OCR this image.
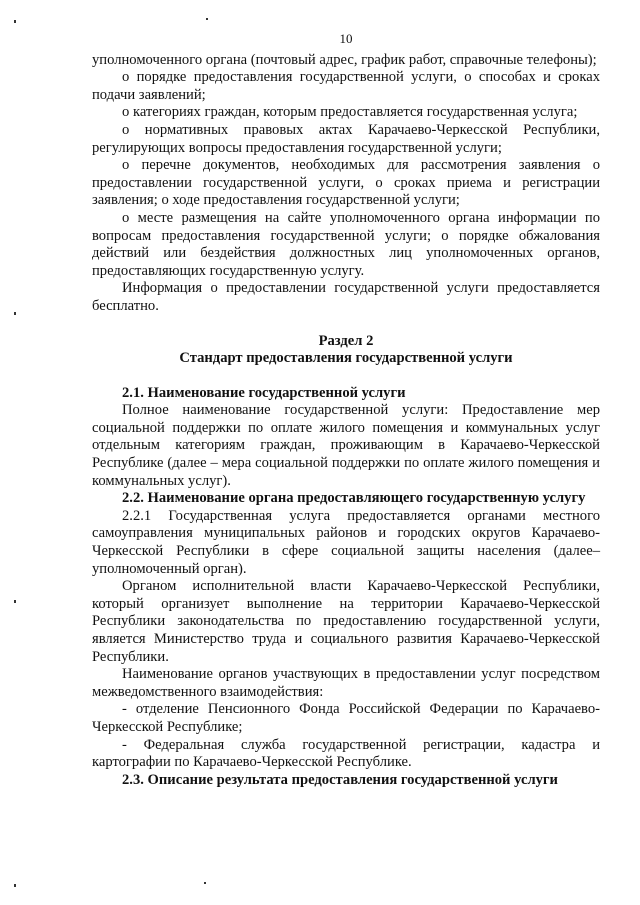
10

уполномоченного органа (почтовый адрес, график работ, справочные телефоны);

о порядке предоставления государственной услуги, о способах и сроках подачи заявлений;

о категориях граждан, которым предоставляется государственная услуга;

о нормативных правовых актах Карачаево-Черкесской Республики, регулирующих вопросы предоставления государственной услуги;

о перечне документов, необходимых для рассмотрения заявления о предоставлении государственной услуги, о сроках приема и регистрации заявления; о ходе предоставления государственной услуги;

о месте размещения на сайте уполномоченного органа информации по вопросам предоставления государственной услуги; о порядке обжалования действий или бездействия должностных лиц уполномоченных органов, предоставляющих государственную услугу.

Информация о предоставлении государственной услуги предоставляется бесплатно.

Раздел 2

Стандарт предоставления государственной услуги

2.1. Наименование государственной услуги

Полное наименование государственной услуги: Предоставление мер социальной поддержки по оплате жилого помещения и коммунальных услуг отдельным категориям граждан, проживающим в Карачаево-Черкесской Республике (далее – мера социальной поддержки по оплате жилого помещения и коммунальных услуг).

2.2. Наименование органа предоставляющего государственную услугу

2.2.1 Государственная услуга предоставляется органами местного самоуправления муниципальных районов и городских округов Карачаево-Черкесской Республики в сфере социальной защиты населения (далее– уполномоченный орган).

Органом исполнительной власти Карачаево-Черкесской Республики, который организует выполнение на территории Карачаево-Черкесской Республики законодательства по предоставлению государственной услуги, является Министерство труда и социального развития Карачаево-Черкесской Республики.

Наименование органов участвующих в предоставлении услуг посредством межведомственного взаимодействия:

- отделение Пенсионного Фонда Российской Федерации по Карачаево-Черкесской Республике;

- Федеральная служба государственной регистрации, кадастра и картографии по Карачаево-Черкесской Республике.

2.3. Описание результата предоставления государственной услуги
